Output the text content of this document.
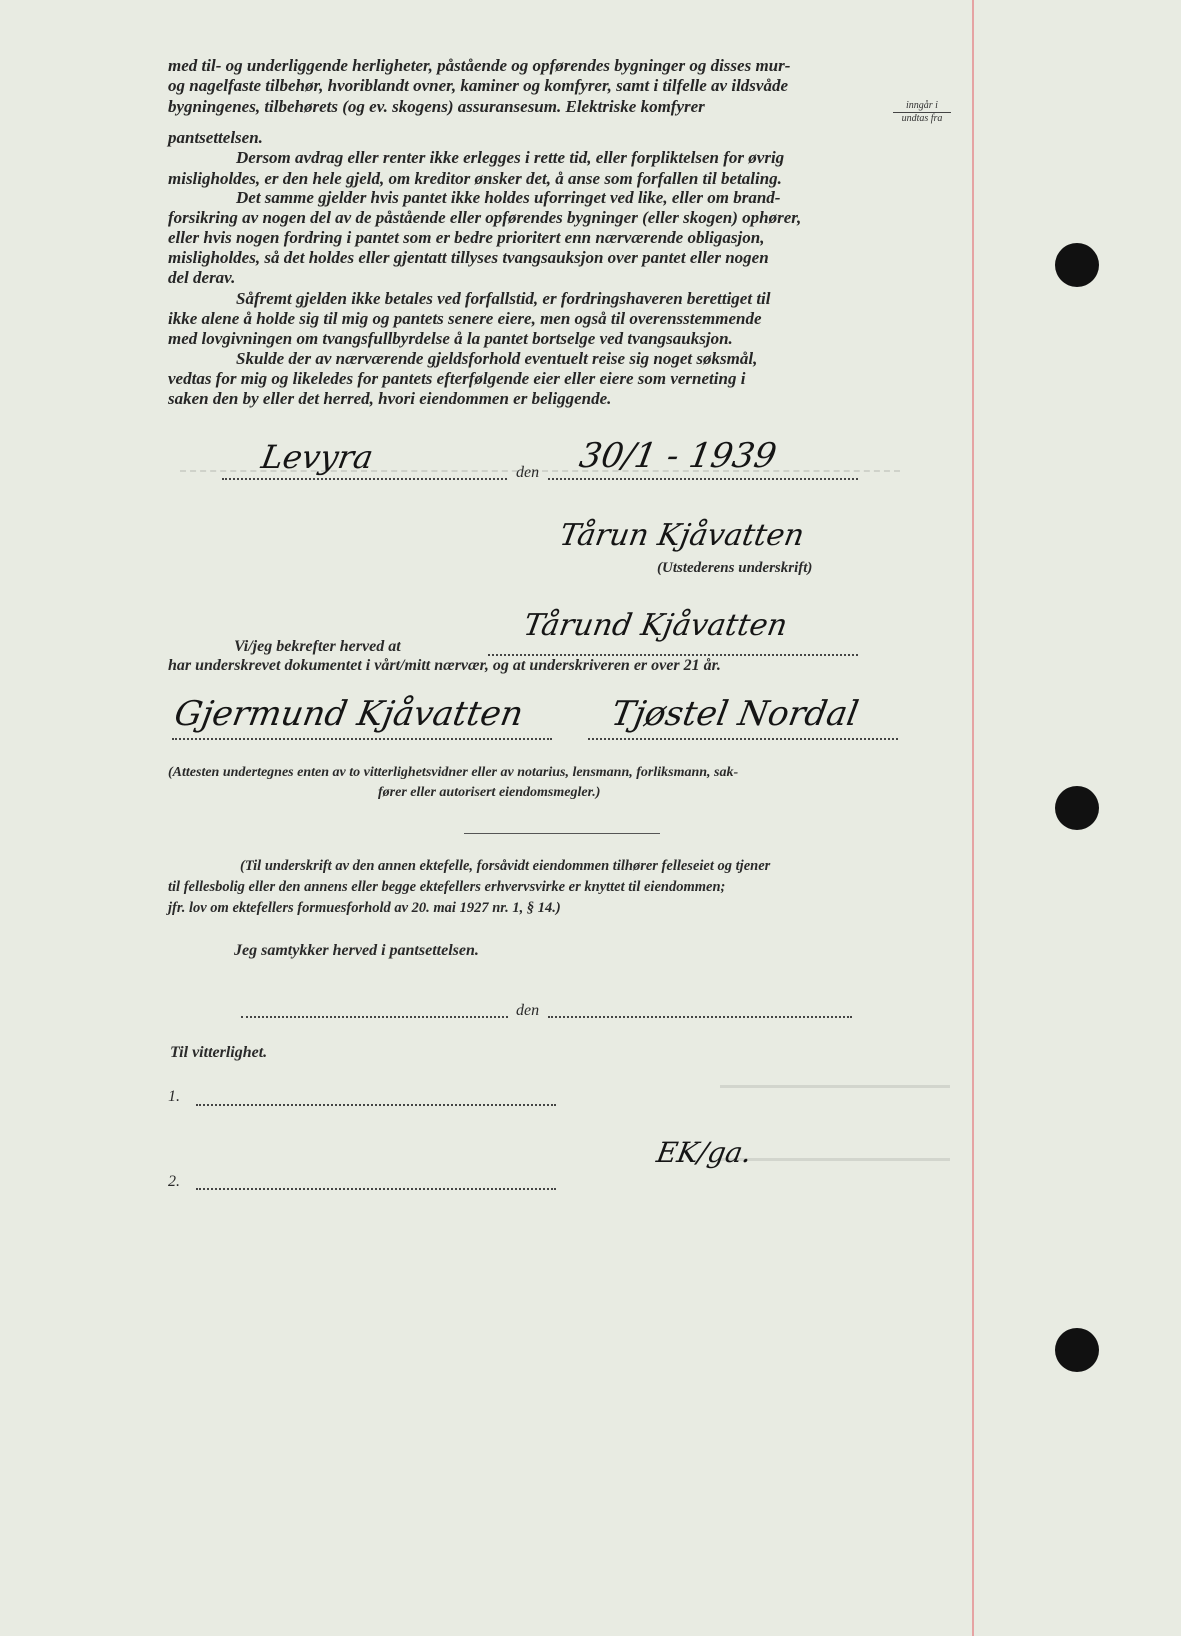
med til- og underliggende herligheter, påstående og opførendes bygninger og disses mur-
og nagelfaste tilbehør, hvoriblandt ovner, kaminer og komfyrer, samt i tilfelle av ildsvåde
bygningenes, tilbehørets (og ev. skogens) assuransesum. Elektriske komfyrer
pantsettelsen.
Dersom avdrag eller renter ikke erlegges i rette tid, eller forpliktelsen for øvrig
misligholdes, er den hele gjeld, om kreditor ønsker det, å anse som forfallen til betaling.
Det samme gjelder hvis pantet ikke holdes uforringet ved like, eller om brand-
forsikring av nogen del av de påstående eller opførendes bygninger (eller skogen) ophører,
eller hvis nogen fordring i pantet som er bedre prioritert enn nærværende obligasjon,
misligholdes, så det holdes eller gjentatt tillyses tvangsauksjon over pantet eller nogen
del derav.
Såfremt gjelden ikke betales ved forfallstid, er fordringshaveren berettiget til
ikke alene å holde sig til mig og pantets senere eiere, men også til overensstemmende
med lovgivningen om tvangsfullbyrdelse å la pantet bortselge ved tvangsauksjon.
Skulde der av nærværende gjeldsforhold eventuelt reise sig noget søksmål,
vedtas for mig og likeledes for pantets efterfølgende eier eller eiere som verneting i
saken den by eller det herred, hvori eiendommen er beliggende.
inngår i
undtas fra
Levyra	den 30/1 - 1939
Tårun Kjåvatten
(Utstederens underskrift)
Vi/jeg bekrefter herved at
Tårund Kjåvatten
har underskrevet dokumentet i vårt/mitt nærvær, og at underskriveren er over 21 år.
Gjermund Kjåvatten Tjøstel Nordal
(Attesten undertegnes enten av to vitterlighetsvidner eller av notarius, lensmann, forliksmann, sak-
fører eller autorisert eiendomsmegler.)
(Til underskrift av den annen ektefelle, forsåvidt eiendommen tilhører felleseiet og tjener
til fellesbolig eller den annens eller begge ektefellers erhvervsvirke er knyttet til eiendommen;
jfr. lov om ektefellers formuesforhold av 20. mai 1927 nr. 1, § 14.)
Jeg samtykker herved i pantsettelsen.
den
Til vitterlighet.
1.
2.
EK/ga.
